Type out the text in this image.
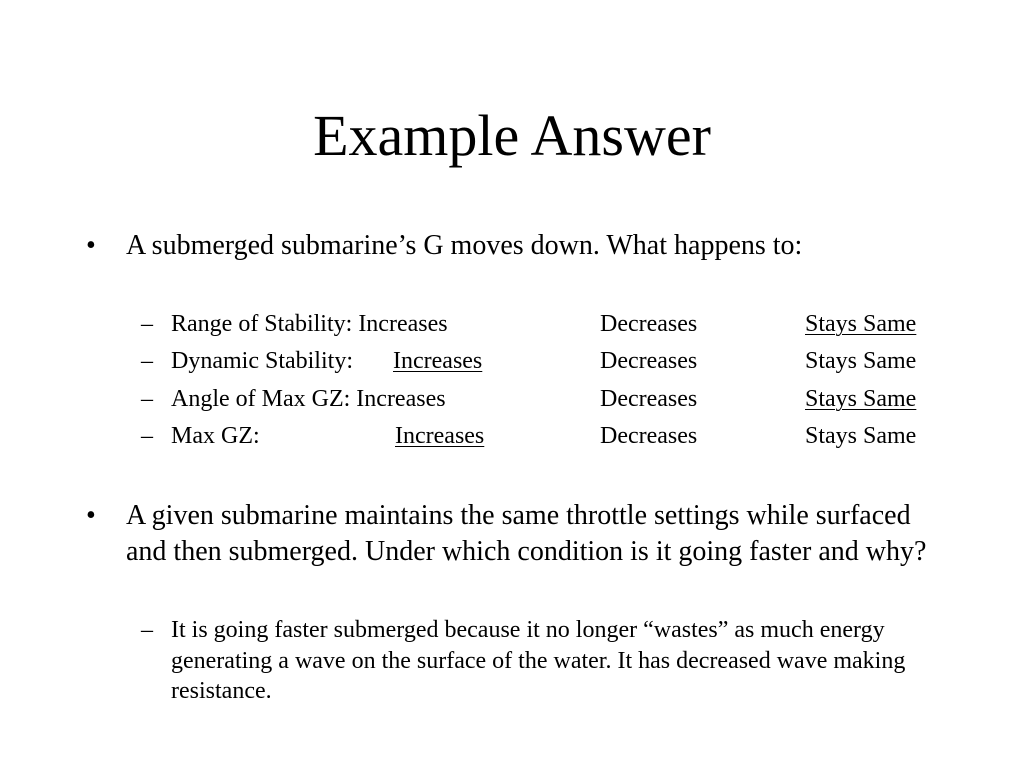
Example Answer
• A submerged submarine’s G moves down. What happens to:
– Range of Stability: Increases	Decreases	Stays Same
– Dynamic Stability: Increases	Decreases	Stays Same
– Angle of Max GZ: Increases	Decreases	Stays Same
– Max GZ:	Increases	Decreases	Stays Same
• A given submarine maintains the same throttle settings while surfaced and then submerged. Under which condition is it going faster and why?
– It is going faster submerged because it no longer “wastes” as much energy generating a wave on the surface of the water. It has decreased wave making resistance.
